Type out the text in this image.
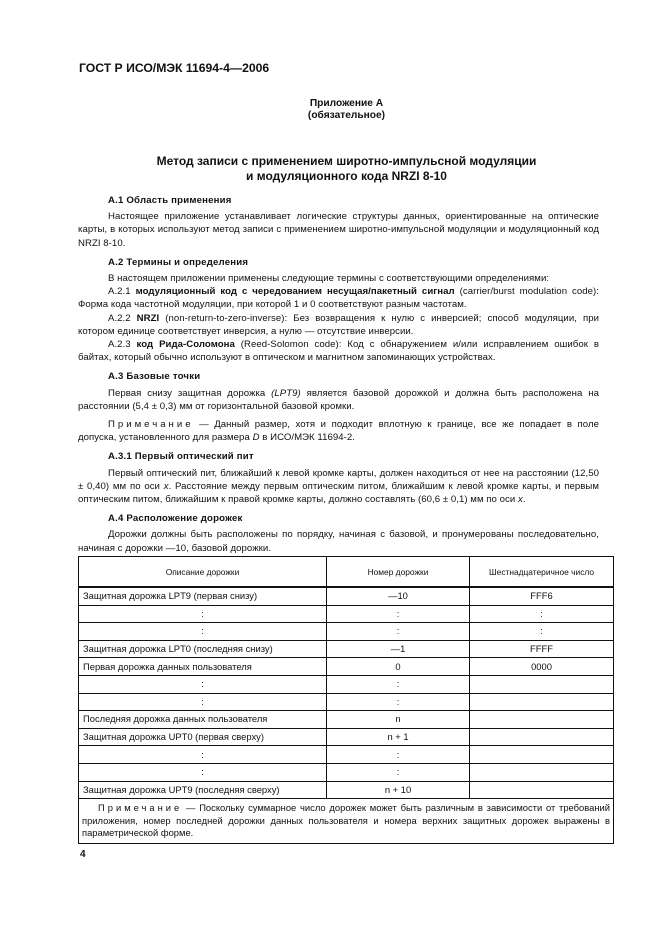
ГОСТ Р ИСО/МЭК 11694-4—2006
Приложение А
(обязательное)
Метод записи с применением широтно-импульсной модуляции
и модуляционного кода NRZI 8-10
А.1 Область применения

Настоящее приложение устанавливает логические структуры данных, ориентированные на оптические карты, в которых используют метод записи с применением широтно-импульсной модуляции и модуляционный код NRZI 8-10.

А.2 Термины и определения

В настоящем приложении применены следующие термины с соответствующими определениями:

А.2.1 модуляционный код с чередованием несущая/пакетный сигнал (carrier/burst modulation code): Форма кода частотной модуляции, при которой 1 и 0 соответствуют разным частотам.

А.2.2 NRZI (non-return-to-zero-inverse): Без возвращения к нулю с инверсией; способ модуляции, при котором единице соответствует инверсия, а нулю — отсутствие инверсии.

А.2.3 код Рида-Соломона (Reed-Solomon code): Код с обнаружением и/или исправлением ошибок в байтах, который обычно используют в оптическом и магнитном запоминающих устройствах.

А.3 Базовые точки

Первая снизу защитная дорожка (LPT9) является базовой дорожкой и должна быть расположена на расстоянии (5,4 ± 0,3) мм от горизонтальной базовой кромки.

Примечание — Данный размер, хотя и подходит вплотную к границе, все же попадает в поле допуска, установленного для размера D в ИСО/МЭК 11694-2.

А.3.1 Первый оптический пит

Первый оптический пит, ближайший к левой кромке карты, должен находиться от нее на расстоянии (12,50 ± 0,40) мм по оси x. Расстояние между первым оптическим питом, ближайшим к левой кромке карты, и первым оптическим питом, ближайшим к правой кромке карты, должно составлять (60,6 ± 0,1) мм по оси x.

А.4 Расположение дорожек

Дорожки должны быть расположены по порядку, начиная с базовой, и пронумерованы последовательно, начиная с дорожки —10, базовой дорожки.

Описание дорожки	Номер дорожки	Шестнадцатеричное число
Защитная дорожка LPT9 (первая снизу)	—10	FFF6
:	:	:
:	:	:
Защитная дорожка LPT0 (последняя снизу)	—1	FFFF
Первая дорожка данных пользователя	0	0000
:	:	
:	:	
Последняя дорожка данных пользователя	n	
Защитная дорожка UPT0 (первая сверху)	n + 1	
:	:	
:	:	
Защитная дорожка UPT9 (последняя сверху)	n + 10	

Примечание — Поскольку суммарное число дорожек может быть различным в зависимости от требований приложения, номер последней дорожки данных пользователя и номера верхних защитных дорожек выражены в параметрической форме.		
4
